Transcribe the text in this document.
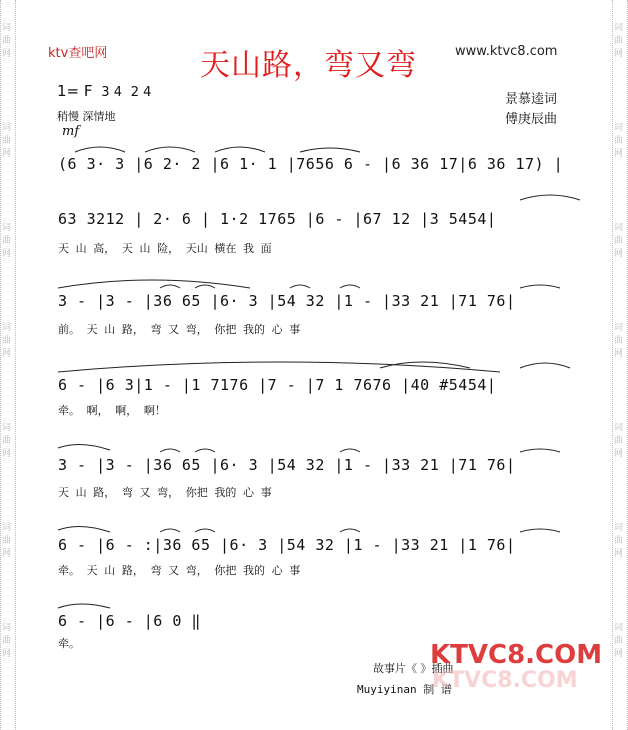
词曲网
词曲网
词曲网
词曲网
词曲网
词曲网
词曲网
词曲网
词曲网
词曲网
词曲网
词曲网
词曲网
词曲网
ktv查吧网	天山路，弯又弯	www.ktvc8.com
1= F 3 4 2 4
稍慢 深情地
mf
景慕逵词
傅庚辰曲
(6 3· 3 |6 2· 2 |6 1· 1 |7656 6 - |6 36 17|6 36 17) |
63 3212 | 2· 6 | 1·2 1765 |6 - |67 12 |3 5454|
天 山 高， 天 山 险， 天山 横在 我 面
3 - |3 - |36 65 |6· 3 |54 32 |1 - |33 21 |71 76|
前。 天 山 路， 弯 又 弯， 你把 我的 心 事
6 - |6 3|1 - |1 7176 |7 - |7 1 7676 |40 #5454|
牵。 啊， 啊， 啊！
3 - |3 - |36 65 |6· 3 |54 32 |1 - |33 21 |71 76|
天 山 路， 弯 又 弯， 你把 我的 心 事
6 - |6 - :|36 65 |6· 3 |54 32 |1 - |33 21 |1 76|
牵。 天 山 路， 弯 又 弯， 你把 我的 心 事
6 - |6 - |6 0 ‖
牵。
故事片《 》插曲
Muyiyinan 制 谱
KTVC8.COM
KTVC8.COM
